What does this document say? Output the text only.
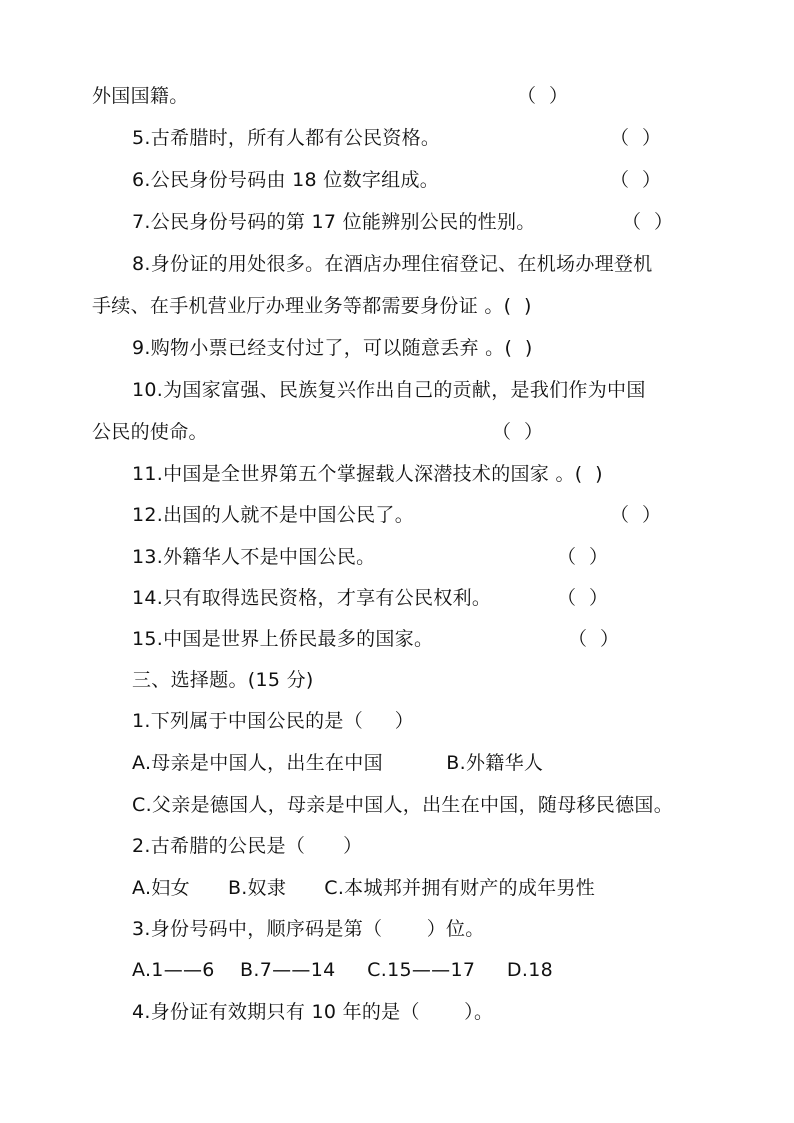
外国国籍。	（  ）
5.古希腊时，所有人都有公民资格。	（  ）
6.公民身份号码由 18 位数字组成。	（  ）
7.公民身份号码的第 17 位能辨别公民的性别。	（  ）
8.身份证的用处很多。在酒店办理住宿登记、在机场办理登机
手续、在手机营业厅办理业务等都需要身份证 。(  )
9.购物小票已经支付过了，可以随意丢弃 。(  )
10.为国家富强、民族复兴作出自己的贡献，是我们作为中国
公民的使命。	（  ）
11.中国是全世界第五个掌握载人深潜技术的国家 。(  )
12.出国的人就不是中国公民了。	（  ）
13.外籍华人不是中国公民。	（  ）
14.只有取得选民资格，才享有公民权利。	（  ）
15.中国是世界上侨民最多的国家。	（  ）
三、选择题。(15 分)
1.下列属于中国公民的是（     ）
A.母亲是中国人，出生在中国          B.外籍华人
C.父亲是德国人，母亲是中国人，出生在中国，随母移民德国。
2.古希腊的公民是（      ）
A.妇女      B.奴隶      C.本城邦并拥有财产的成年男性
3.身份号码中，顺序码是第（       ）位。
A.1——6    B.7——14     C.15——17     D.18
4.身份证有效期只有 10 年的是（       ）。
